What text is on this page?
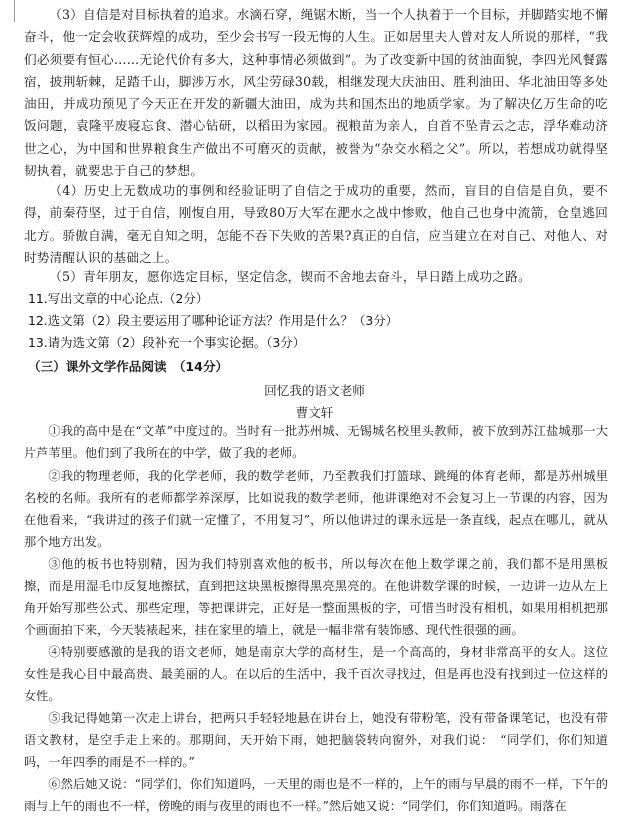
（3）自信是对目标执着的追求。水滴石穿，绳锯木断，当一个人执着于一个目标，并脚踏实地不懈奋斗，他一定会收获辉煌的成功，至少会书写一段无悔的人生。正如居里夫人曾对友人所说的那样，“我们必须要有恒心……无论代价有多大，这种事情必须做到”。为了改变新中国的贫油面貌，李四光风餐露宿，披荆斩棘，足踏千山，脚涉万水，风尘劳碌30载，相继发现大庆油田、胜利油田、华北油田等多处油田，并成功预见了今天正在开发的新疆大油田，成为共和国杰出的地质学家。为了解决亿万生命的吃饭问题，袁隆平废寝忘食、潜心钻研，以稻田为家园。视粮苗为亲人，自首不坠青云之志，浮华难动济世之心，为中国和世界粮食生产做出不可磨灭的贡献，被誉为“杂交水稻之父”。所以，若想成功就得坚韧执着，就要忠于自己的梦想。

（4）历史上无数成功的事例和经验证明了自信之于成功的重要，然而，盲目的自信是自负，要不得，前秦苻坚，过于自信，刚愎自用，导致80万大军在淝水之战中惨败，他自己也身中流箭，仓皇逃回北方。骄傲自满，毫无自知之明，怎能不吞下失败的苦果?真正的自信，应当建立在对自己、对他人、对时势清醒认识的基础之上。

（5）青年朋友，愿你选定目标，坚定信念，锲而不舍地去奋斗，早日踏上成功之路。

11.写出文章的中心论点.（2分）

12.选文第（2）段主要运用了哪种论证方法？作用是什么？（3分）

13.请为选文第（2）段补充一个事实论据。（3分）

（三）课外文学作品阅读　（14分）

回忆我的语文老师

曹文轩

①我的高中是在“文革”中度过的。当时有一批苏州城、无锡城名校里头教师，被下放到苏江盐城那一大片芦苇里。他们到了我所在的中学，做了我的老师。

②我的物理老师，我的化学老师，我的数学老师，乃至教我们打篮球、跳绳的体育老师，都是苏州城里名校的名师。我所有的老师都学养深厚，比如说我的数学老师，他讲课绝对不会复习上一节课的内容，因为在他看来，“我讲过的孩子们就一定懂了，不用复习”，所以他讲过的课永远是一条直线，起点在哪儿，就从那个地方出发。

③他的板书也特别精，因为我们特别喜欢他的板书，所以每次在他上数学课之前，我们都不是用黑板擦，而是用湿毛巾反复地擦拭，直到把这块黑板擦得黑亮黑亮的。在他讲数学课的时候，一边讲一边从左上角开始写那些公式、那些定理，等把课讲完，正好是一整面黑板的字，可惜当时没有相机，如果用相机把那个画面拍下来，今天装裱起来，挂在家里的墙上，就是一幅非常有装饰感、现代性很强的画。

④特别要感激的是我的语文老师，她是南京大学的高材生，是一个高高的，身材非常高平的女人。这位女性是我心目中最高贵、最美丽的人。在以后的生活中，我千百次寻找过，但是再也没有找到过一位这样的女性。

⑤我记得她第一次走上讲台，把两只手轻轻地悬在讲台上，她没有带粉笔，没有带备课笔记，也没有带语文教材，是空手走上来的。那期间，天开始下雨，她把脑袋转向窗外，对我们说：　“同学们，你们知道吗，一年四季的雨是不一样的。”

⑥然后她又说：“同学们，你们知道吗，一天里的雨也是不一样的，上午的雨与早晨的雨不一样，下午的雨与上午的雨也不一样，傍晚的雨与夜里的雨也不一样。”然后她又说：“同学们，你们知道吗。雨落在
